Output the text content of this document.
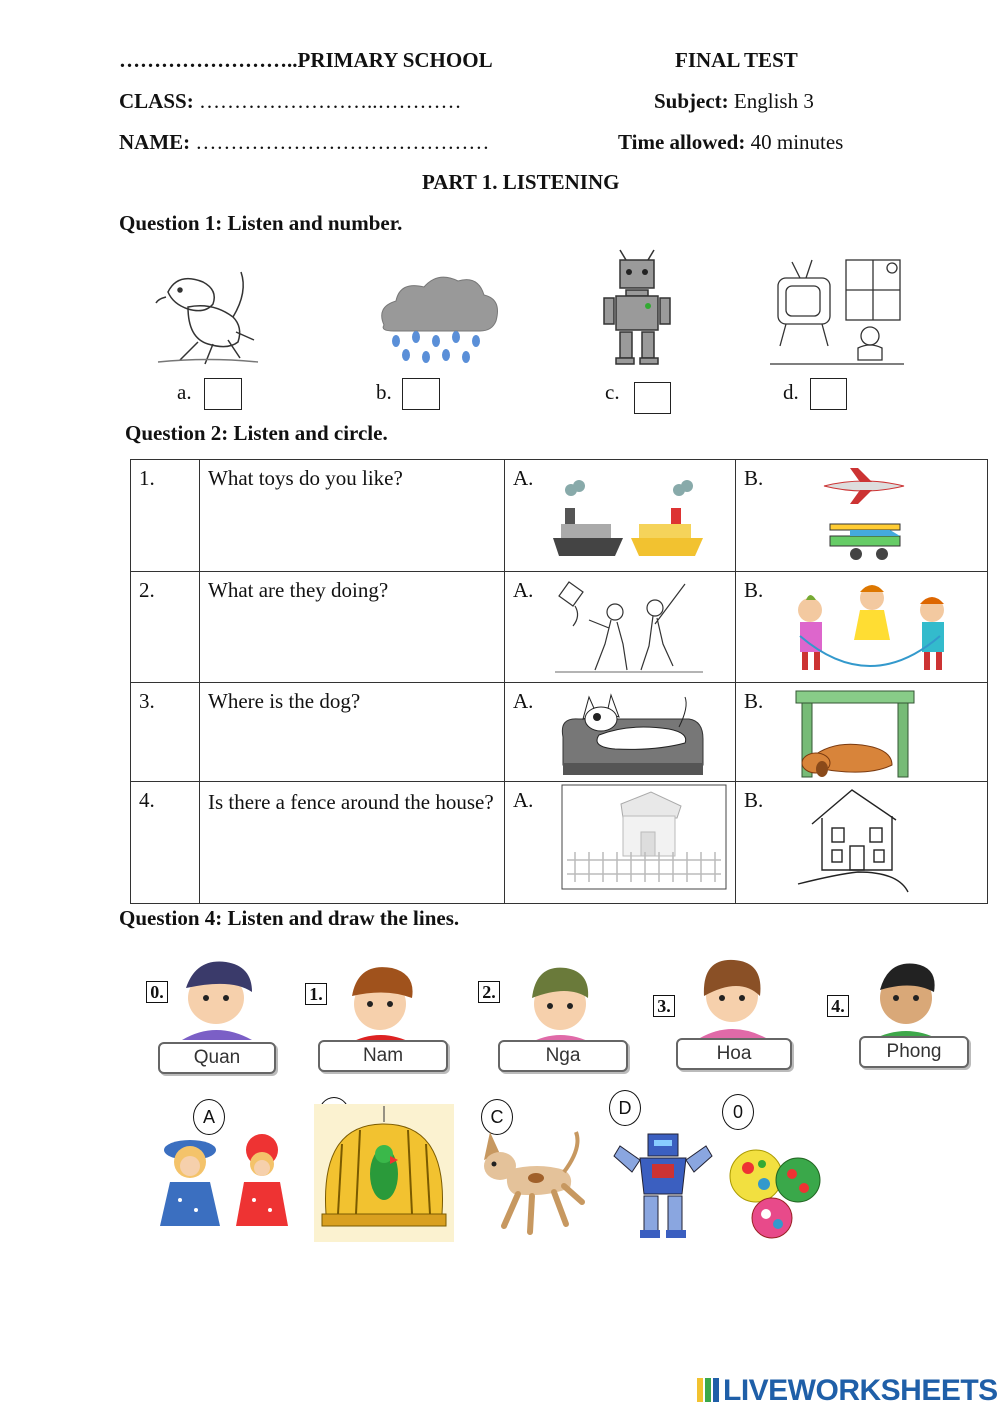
……………………..PRIMARY SCHOOL	FINAL TEST
CLASS: ……………………..…………	Subject: English 3
NAME: ……………………………………	Time allowed: 40 minutes
PART 1. LISTENING
Question 1: Listen and number.
a.	b.	c.	d.
Question 2: Listen and circle.
1.	What toys do you like?	A.	B.

2.	What are they doing?	A.	B.

3.	Where is the dog?	A.	B.

4.	Is there a fence around the house?	A.	B.
Question 4: Listen and draw the lines.
0.
Quan
1.
Nam
2.
Nga
3.
Hoa
4.
Phong
A	C	D	0
LIVEWORKSHEETS
